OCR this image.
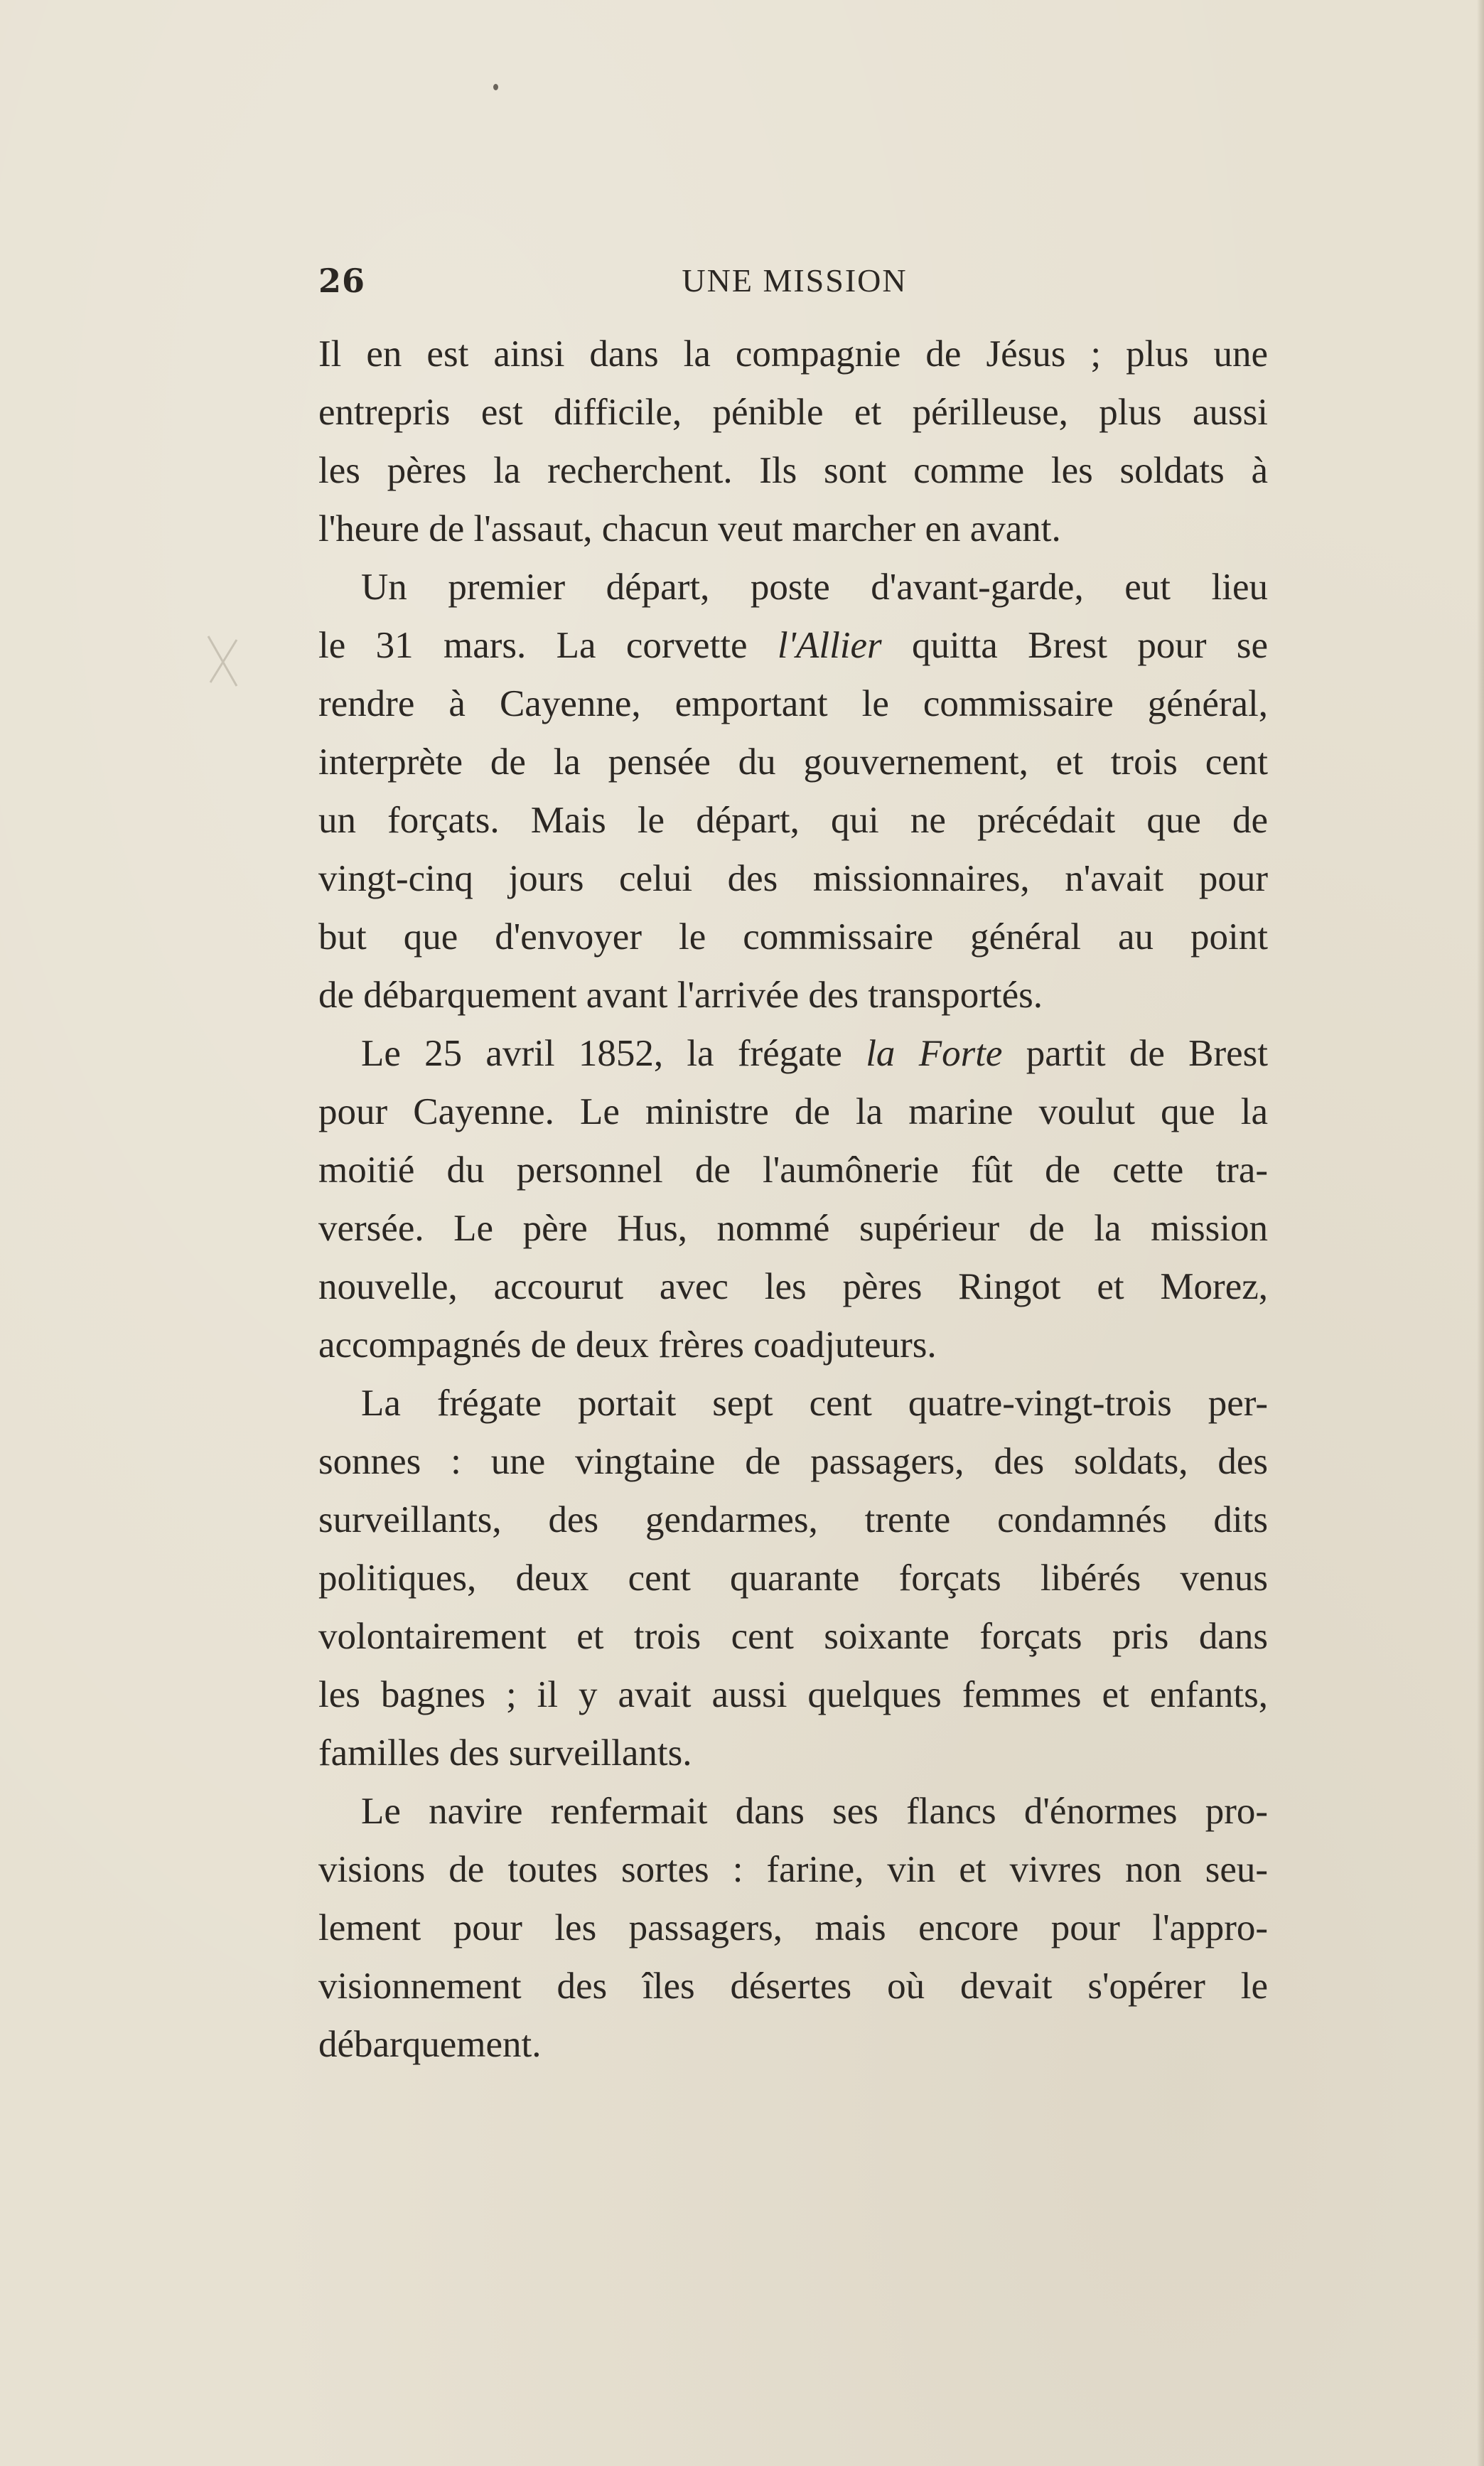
26	UNE MISSION
Il en est ainsi dans la compagnie de Jésus ; plus une
entrepris est difficile, pénible et périlleuse, plus aussi
les pères la recherchent. Ils sont comme les soldats à
l'heure de l'assaut, chacun veut marcher en avant.
Un premier départ, poste d'avant-garde, eut lieu
le 31 mars. La corvette l'Allier quitta Brest pour se
rendre à Cayenne, emportant le commissaire général,
interprète de la pensée du gouvernement, et trois cent
un forçats. Mais le départ, qui ne précédait que de
vingt-cinq jours celui des missionnaires, n'avait pour
but que d'envoyer le commissaire général au point
de débarquement avant l'arrivée des transportés.
Le 25 avril 1852, la frégate la Forte partit de Brest
pour Cayenne. Le ministre de la marine voulut que la
moitié du personnel de l'aumônerie fût de cette tra-
versée. Le père Hus, nommé supérieur de la mission
nouvelle, accourut avec les pères Ringot et Morez,
accompagnés de deux frères coadjuteurs.
La frégate portait sept cent quatre-vingt-trois per-
sonnes : une vingtaine de passagers, des soldats, des
surveillants, des gendarmes, trente condamnés dits
politiques, deux cent quarante forçats libérés venus
volontairement et trois cent soixante forçats pris dans
les bagnes ; il y avait aussi quelques femmes et enfants,
familles des surveillants.
Le navire renfermait dans ses flancs d'énormes pro-
visions de toutes sortes : farine, vin et vivres non seu-
lement pour les passagers, mais encore pour l'appro-
visionnement des îles désertes où devait s'opérer le
débarquement.
